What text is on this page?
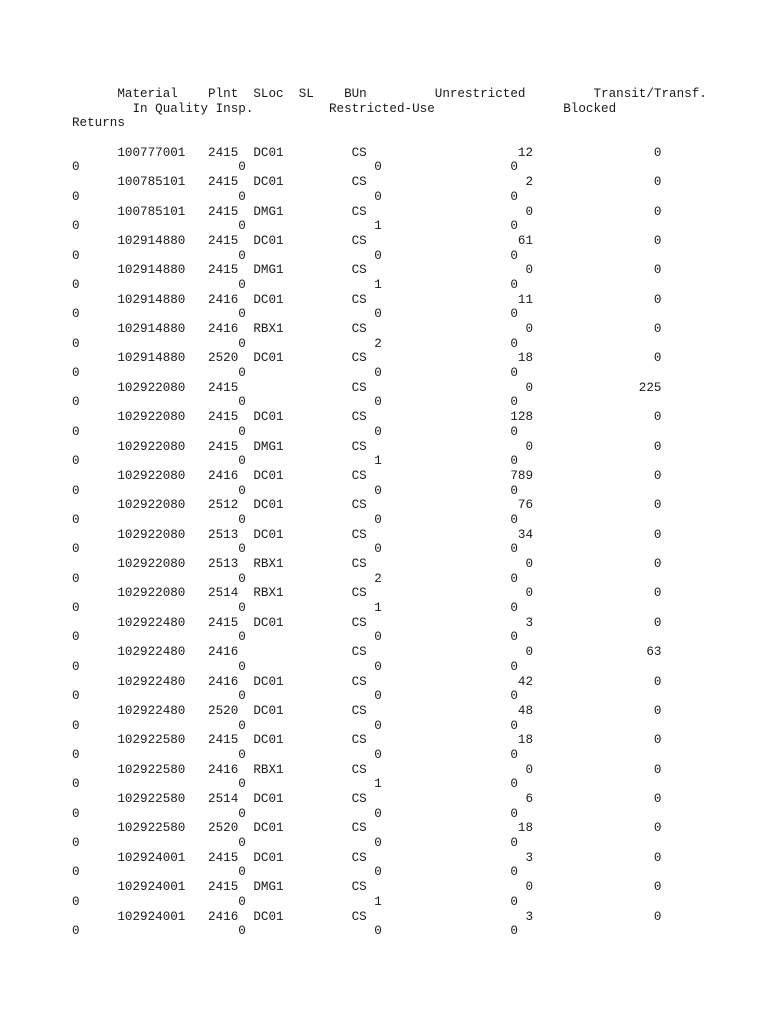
Material    Plnt  SLoc  SL    BUn         Unrestricted         Transit/Transf.
In Quality Insp.          Restricted-Use                 Blocked
Returns

100777001   2415  DC01         CS                    12                0
0                     0                 0                 0
100785101   2415  DC01         CS                     2                0
0                     0                 0                 0
100785101   2415  DMG1         CS                     0                0
0                     0                 1                 0
102914880   2415  DC01         CS                    61                0
0                     0                 0                 0
102914880   2415  DMG1         CS                     0                0
0                     0                 1                 0
102914880   2416  DC01         CS                    11                0
0                     0                 0                 0
102914880   2416  RBX1         CS                     0                0
0                     0                 2                 0
102914880   2520  DC01         CS                    18                0
0                     0                 0                 0
102922080   2415               CS                     0              225
0                     0                 0                 0
102922080   2415  DC01         CS                   128                0
0                     0                 0                 0
102922080   2415  DMG1         CS                     0                0
0                     0                 1                 0
102922080   2416  DC01         CS                   789                0
0                     0                 0                 0
102922080   2512  DC01         CS                    76                0
0                     0                 0                 0
102922080   2513  DC01         CS                    34                0
0                     0                 0                 0
102922080   2513  RBX1         CS                     0                0
0                     0                 2                 0
102922080   2514  RBX1         CS                     0                0
0                     0                 1                 0
102922480   2415  DC01         CS                     3                0
0                     0                 0                 0
102922480   2416               CS                     0               63
0                     0                 0                 0
102922480   2416  DC01         CS                    42                0
0                     0                 0                 0
102922480   2520  DC01         CS                    48                0
0                     0                 0                 0
102922580   2415  DC01         CS                    18                0
0                     0                 0                 0
102922580   2416  RBX1         CS                     0                0
0                     0                 1                 0
102922580   2514  DC01         CS                     6                0
0                     0                 0                 0
102922580   2520  DC01         CS                    18                0
0                     0                 0                 0
102924001   2415  DC01         CS                     3                0
0                     0                 0                 0
102924001   2415  DMG1         CS                     0                0
0                     0                 1                 0
102924001   2416  DC01         CS                     3                0
0                     0                 0                 0
